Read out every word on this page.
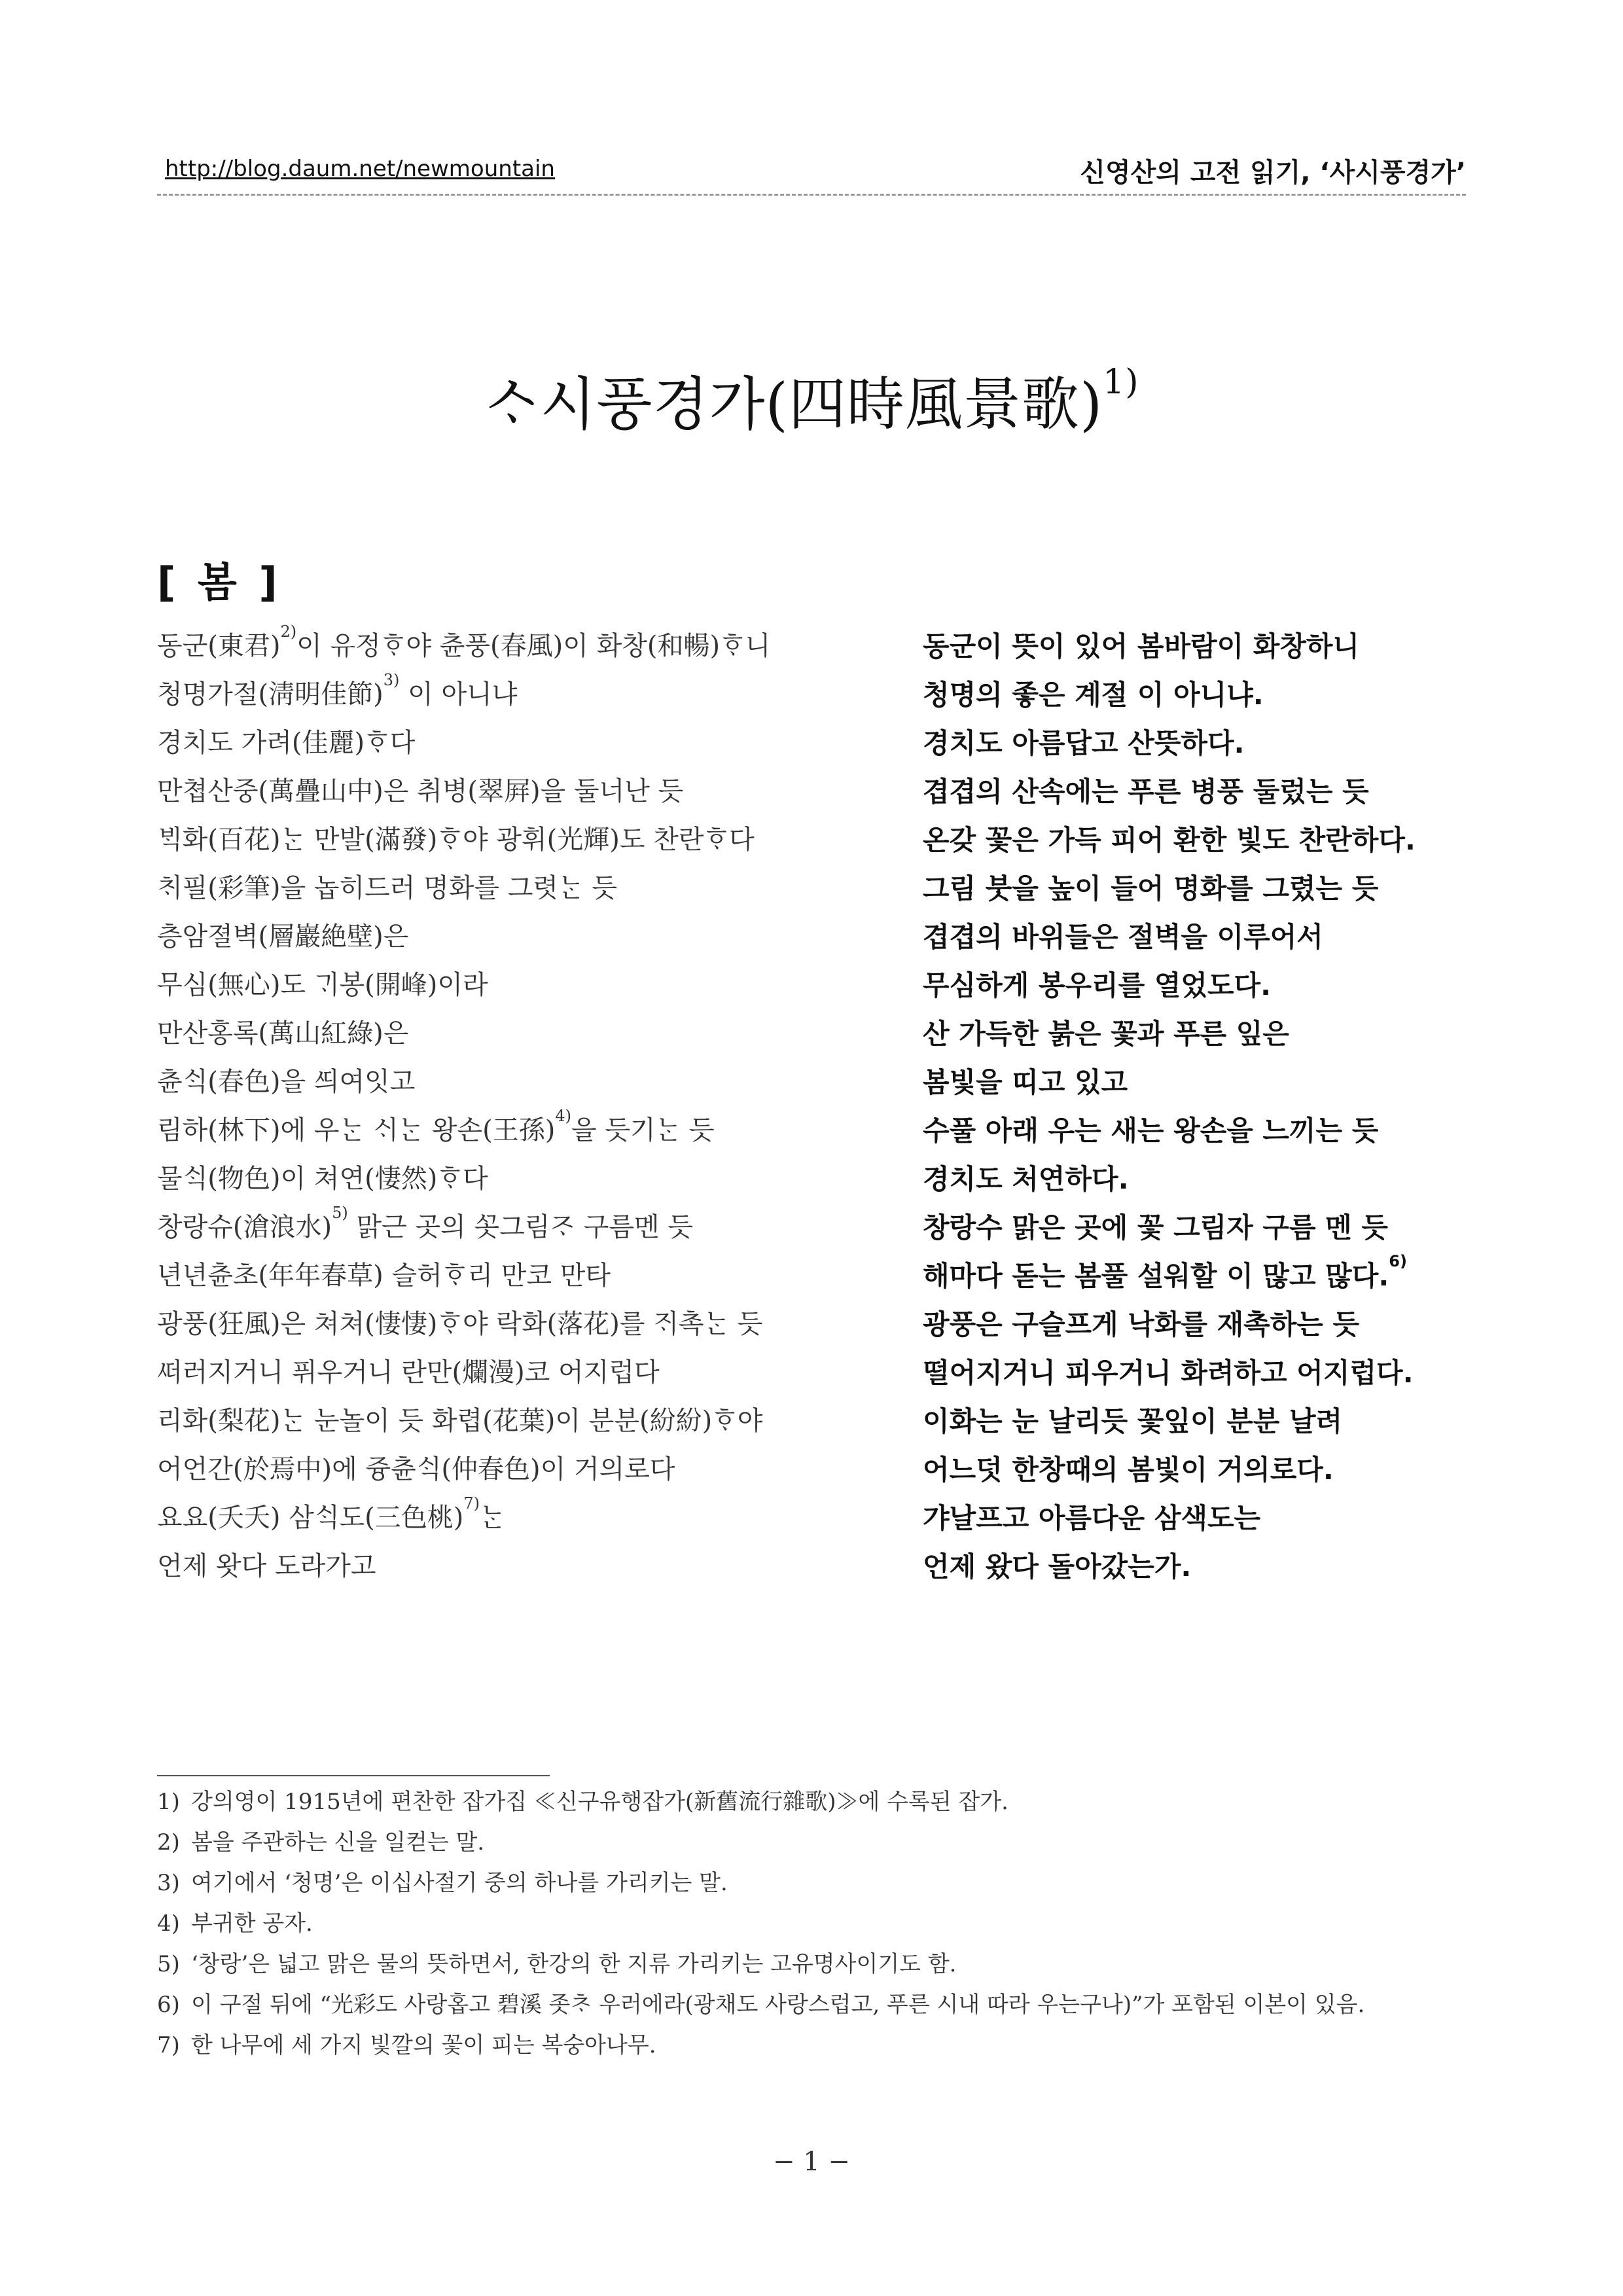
http://blog.daum.net/newmountain	신영산의 고전 읽기, ‘사시풍경가’
ᄉᆞ시풍경가(四時風景歌)$^{1)}$
[ 봄 ]
동군(東君)$^{2)}$이 유정ᄒᆞ야 츈풍(春風)이 화창(和暢)ᄒᆞ니	동군이 뜻이 있어 봄바람이 화창하니
청명가절(淸明佳節)$^{3)}$ 이 아니냐	청명의 좋은 계절 이 아니냐.
경치도 가려(佳麗)ᄒᆞ다	경치도 아름답고 산뜻하다.
만쳡산중(萬疊山中)은 취병(翠屛)을 둘너난 듯	겹겹의 산속에는 푸른 병풍 둘렀는 듯
ᄇᆡᆨ화(百花)ᄂᆞᆫ 만발(滿發)ᄒᆞ야 광휘(光輝)도 찬란ᄒᆞ다	온갖 꽃은 가득 피어 환한 빛도 찬란하다.
ᄎᆡ필(彩筆)을 놉히드러 명화를 그렷ᄂᆞᆫ 듯	그림 붓을 높이 들어 명화를 그렸는 듯
층암졀벽(層巖絶壁)은	겹겹의 바위들은 절벽을 이루어서
무심(無心)도 ᄀᆡ봉(開峰)이라	무심하게 봉우리를 열었도다.
만산홍록(萬山紅綠)은	산 가득한 붉은 꽃과 푸른 잎은
츈ᄉᆡᆨ(春色)을 ᄯᅴ여잇고	봄빛을 띠고 있고
림하(林下)에 우ᄂᆞᆫ ᄉᆡᄂᆞᆫ 왕손(王孫)$^{4)}$을 듯기ᄂᆞᆫ 듯	수풀 아래 우는 새는 왕손을 느끼는 듯
물ᄉᆡᆨ(物色)이 쳐연(悽然)ᄒᆞ다	경치도 처연하다.
창랑슈(滄浪水)$^{5)}$ 맑근 곳의 ᄭᅩᆺ그림ᄌᆞ 구름멘 듯	창랑수 맑은 곳에 꽃 그림자 구름 멘 듯
년년츈초(年年春草) 슬허ᄒᆞ리 만코 만타	해마다 돋는 봄풀 설워할 이 많고 많다.$^{6)}$
광풍(狂風)은 쳐쳐(悽悽)ᄒᆞ야 락화(落花)를 ᄌᆡ촉ᄂᆞᆫ 듯	광풍은 구슬프게 낙화를 재촉하는 듯
ᄯᅥ러지거니 퓌우거니 란만(爛漫)코 어지럽다	떨어지거니 피우거니 화려하고 어지럽다.
리화(梨花)ᄂᆞᆫ 눈놀이 듯 화렵(花葉)이 분분(紛紛)ᄒᆞ야	이화는 눈 날리듯 꽃잎이 분분 날려
어언간(於焉中)에 즁츈ᄉᆡᆨ(仲春色)이 거의로다	어느덧 한창때의 봄빛이 거의로다.
요요(夭夭) 삼ᄉᆡᆨ도(三色桃)$^{7)}$ᄂᆞᆫ	갸날프고 아름다운 삼색도는
언제 왓다 도라가고	언제 왔다 돌아갔는가.
1) 강의영이 1915년에 편찬한 잡가집 ≪신구유행잡가(新舊流行雜歌)≫에 수록된 잡가.
2) 봄을 주관하는 신을 일컫는 말.
3) 여기에서 ‘청명’은 이십사절기 중의 하나를 가리키는 말.
4) 부귀한 공자.
5) ‘창랑’은 넓고 맑은 물의 뜻하면서, 한강의 한 지류 가리키는 고유명사이기도 함.
6) 이 구절 뒤에 “光彩도 사랑홉고 碧溪 좃ᄎᆞ 우러에라(광채도 사랑스럽고, 푸른 시내 따라 우는구나)”가 포함된 이본이 있음.
7) 한 나무에 세 가지 빛깔의 꽃이 피는 복숭아나무.
− 1 −
